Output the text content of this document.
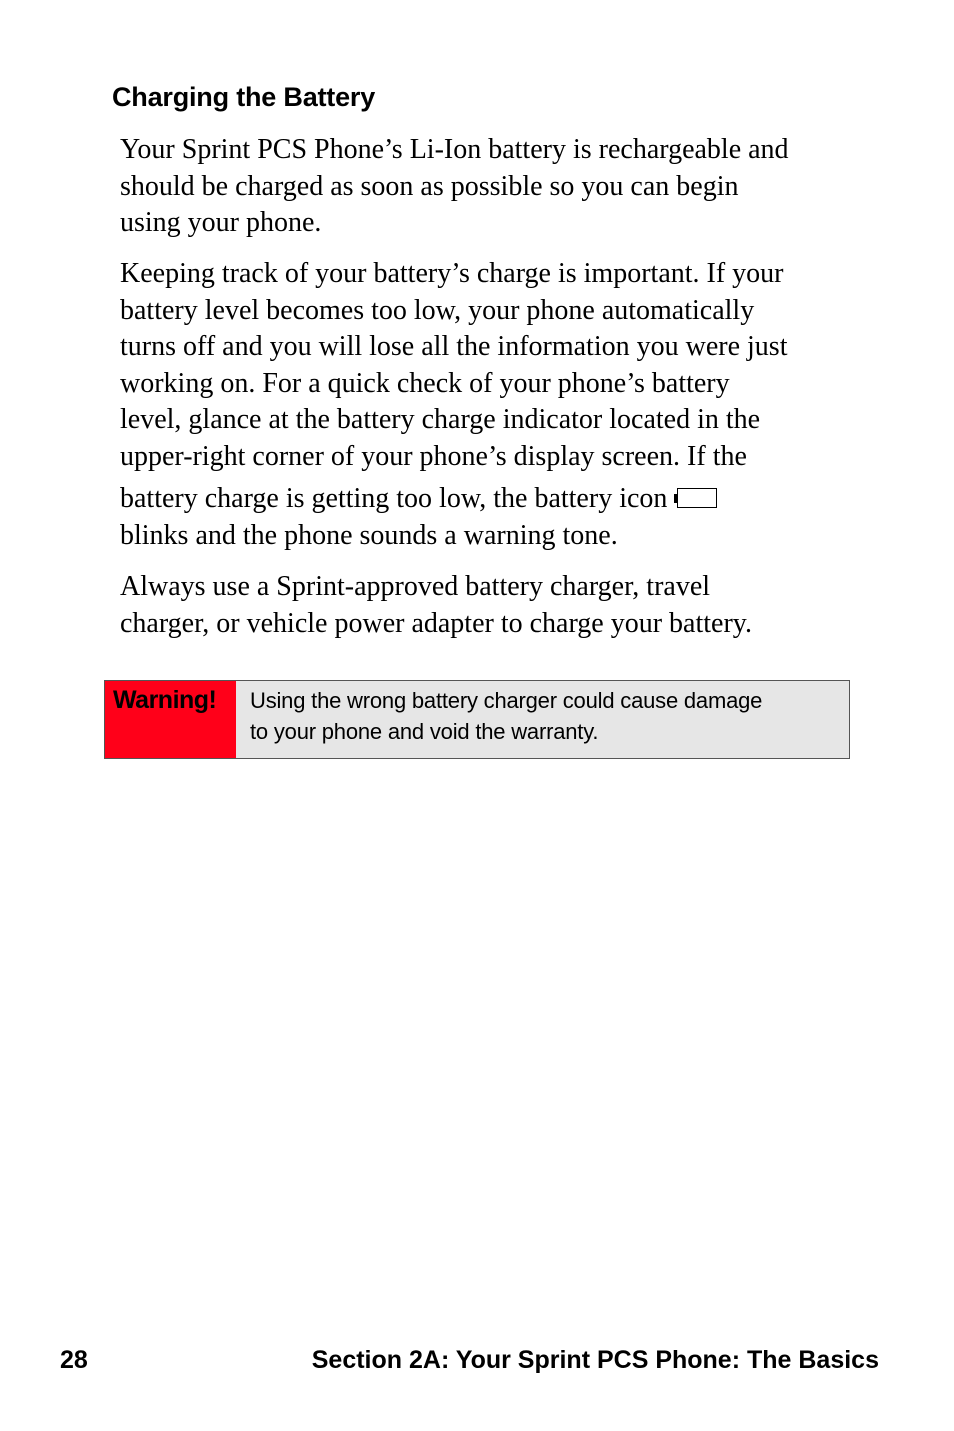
Charging the Battery

Your Sprint PCS Phone’s Li-Ion battery is rechargeable and
should be charged as soon as possible so you can begin
using your phone.

Keeping track of your battery’s charge is important. If your
battery level becomes too low, your phone automatically
turns off and you will lose all the information you were just
working on. For a quick check of your phone’s battery
level, glance at the battery charge indicator located in the
upper-right corner of your phone’s display screen. If the

battery charge is getting too low, the battery icon
blinks and the phone sounds a warning tone.

Always use a Sprint-approved battery charger, travel
charger, or vehicle power adapter to charge your battery.

Warning!	Using the wrong battery charger could cause damage
to your phone and void the warranty.
28	Section 2A: Your Sprint PCS Phone: The Basics
